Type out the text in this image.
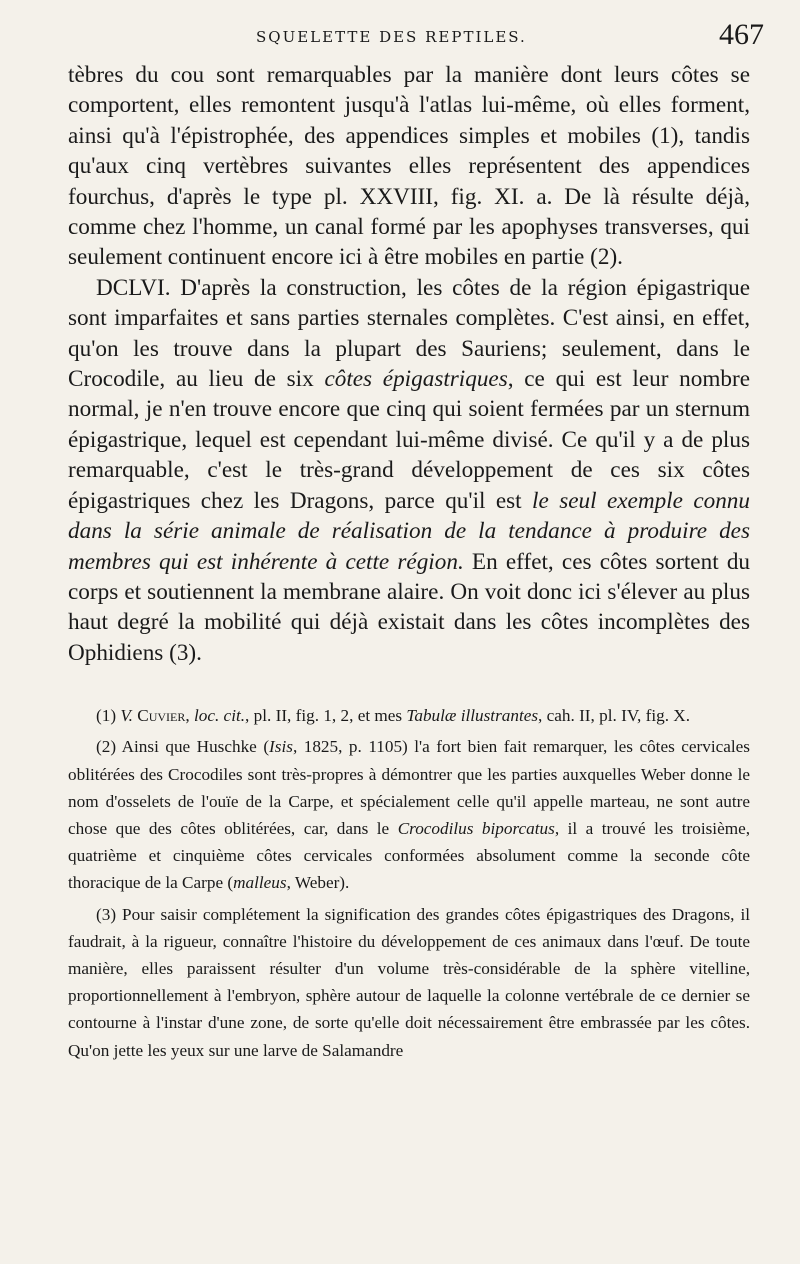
SQUELETTE DES REPTILES.	467

tèbres du cou sont remarquables par la manière dont leurs côtes se comportent, elles remontent jusqu'à l'atlas lui-même, où elles forment, ainsi qu'à l'épistrophée, des appendices simples et mobiles (1), tandis qu'aux cinq vertèbres suivantes elles représentent des appendices fourchus, d'après le type pl. XXVIII, fig. XI. a. De là résulte déjà, comme chez l'homme, un canal formé par les apophyses transverses, qui seulement continuent encore ici à être mobiles en partie (2).

DCLVI. D'après la construction, les côtes de la région épigastrique sont imparfaites et sans parties sternales complètes. C'est ainsi, en effet, qu'on les trouve dans la plupart des Sauriens; seulement, dans le Crocodile, au lieu de six côtes épigastriques, ce qui est leur nombre normal, je n'en trouve encore que cinq qui soient fermées par un sternum épigastrique, lequel est cependant lui-même divisé. Ce qu'il y a de plus remarquable, c'est le très-grand développement de ces six côtes épigastriques chez les Dragons, parce qu'il est le seul exemple connu dans la série animale de réalisation de la tendance à produire des membres qui est inhérente à cette région. En effet, ces côtes sortent du corps et soutiennent la membrane alaire. On voit donc ici s'élever au plus haut degré la mobilité qui déjà existait dans les côtes incomplètes des Ophidiens (3).

(1) V. Cuvier, loc. cit., pl. II, fig. 1, 2, et mes Tabulæ illustrantes, cah. II, pl. IV, fig. X.

(2) Ainsi que Huschke (Isis, 1825, p. 1105) l'a fort bien fait remarquer, les côtes cervicales oblitérées des Crocodiles sont très-propres à démontrer que les parties auxquelles Weber donne le nom d'osselets de l'ouïe de la Carpe, et spécialement celle qu'il appelle marteau, ne sont autre chose que des côtes oblitérées, car, dans le Crocodilus biporcatus, il a trouvé les troisième, quatrième et cinquième côtes cervicales conformées absolument comme la seconde côte thoracique de la Carpe (malleus, Weber).

(3) Pour saisir complétement la signification des grandes côtes épigastriques des Dragons, il faudrait, à la rigueur, connaître l'histoire du développement de ces animaux dans l'œuf. De toute manière, elles paraissent résulter d'un volume très-considérable de la sphère vitelline, proportionnellement à l'embryon, sphère autour de laquelle la colonne vertébrale de ce dernier se contourne à l'instar d'une zone, de sorte qu'elle doit nécessairement être embrassée par les côtes. Qu'on jette les yeux sur une larve de Salamandre
